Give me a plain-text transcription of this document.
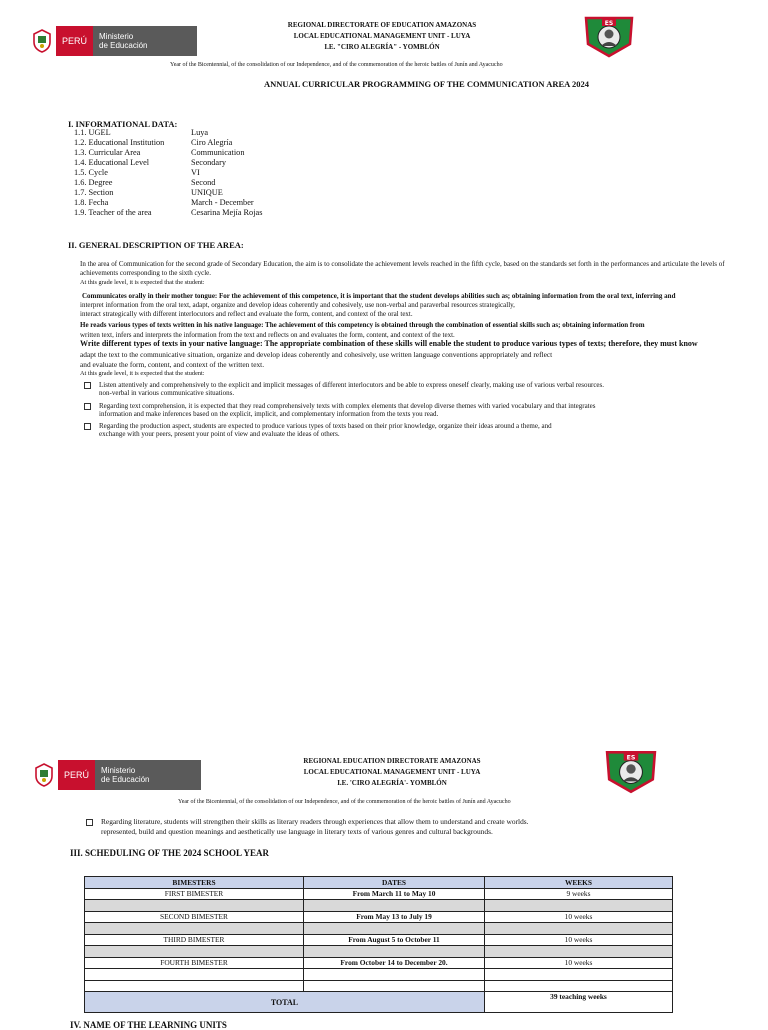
PERÚ	Ministerio
de Educación
REGIONAL DIRECTORATE OF EDUCATION AMAZONAS
LOCAL EDUCATIONAL MANAGEMENT UNIT - LUYA
I.E. "CIRO ALEGRÍA" - YOMBLÓN
ES
Year of the Bicentennial, of the consolidation of our Independence, and of the commemoration of the heroic battles of Junín and Ayacucho
ANNUAL CURRICULAR PROGRAMMING OF THE COMMUNICATION AREA 2024
I. INFORMATIONAL DATA:
1.1. UGEL	Luya
1.2. Educational Institution	Ciro Alegría
1.3. Curricular Area	Communication
1.4. Educational Level	Secondary
1.5. Cycle	VI
1.6. Degree	Second
1.7. Section	UNIQUE
1.8. Fecha	March - December
1.9. Teacher of the area	Cesarina Mejía Rojas
II. GENERAL DESCRIPTION OF THE AREA:
In the area of Communication for the second grade of Secondary Education, the aim is to consolidate the achievement levels reached in the fifth cycle, based on the standards set forth in the performances and articulate the levels of achievements corresponding to the sixth cycle.
At this grade level, it is expected that the student:
Communicates orally in their mother tongue: For the achievement of this competence, it is important that the student develops abilities such as; obtaining information from the oral text, inferring and
interpret information from the oral text, adapt, organize and develop ideas coherently and cohesively, use non-verbal and paraverbal resources strategically,
interact strategically with different interlocutors and reflect and evaluate the form, content, and context of the oral text.
He reads various types of texts written in his native language: The achievement of this competency is obtained through the combination of essential skills such as; obtaining information from
written text, infers and interprets the information from the text and reflects on and evaluates the form, content, and context of the text.
Write different types of texts in your native language: The appropriate combination of these skills will enable the student to produce various types of texts; therefore, they must know
adapt the text to the communicative situation, organize and develop ideas coherently and cohesively, use written language conventions appropriately and reflect
and evaluate the form, content, and context of the written text.
At this grade level, it is expected that the student:
Listen attentively and comprehensively to the explicit and implicit messages of different interlocutors and be able to express oneself clearly, making use of various verbal resources.
non-verbal in various communicative situations.
Regarding text comprehension, it is expected that they read comprehensively texts with complex elements that develop diverse themes with varied vocabulary and that integrates
information and make inferences based on the explicit, implicit, and complementary information from the texts you read.
Regarding the production aspect, students are expected to produce various types of texts based on their prior knowledge, organize their ideas around a theme, and
exchange with your peers, present your point of view and evaluate the ideas of others.
PERÚ	Ministerio
de Educación
REGIONAL EDUCATION DIRECTORATE AMAZONAS
LOCAL EDUCATIONAL MANAGEMENT UNIT - LUYA
I.E. 'CIRO ALEGRÍA'- YOMBLÓN
ES
Year of the Bicentennial, of the consolidation of our Independence, and of the commemoration of the heroic battles of Junín and Ayacucho
Regarding literature, students will strengthen their skills as literary readers through experiences that allow them to understand and create worlds.
represented, build and question meanings and aesthetically use language in literary texts of various genres and cultural backgrounds.
III. SCHEDULING OF THE 2024 SCHOOL YEAR
BIMESTERS	DATES	WEEKS
FIRST BIMESTER	From March 11 to May 10	9 weeks

SECOND BIMESTER	From May 13 to July 19	10 weeks

THIRD BIMESTER	From August 5 to October 11	10 weeks

FOURTH BIMESTER	From October 14 to December 20.	10 weeks

TOTAL		39 teaching weeks
IV. NAME OF THE LEARNING UNITS
